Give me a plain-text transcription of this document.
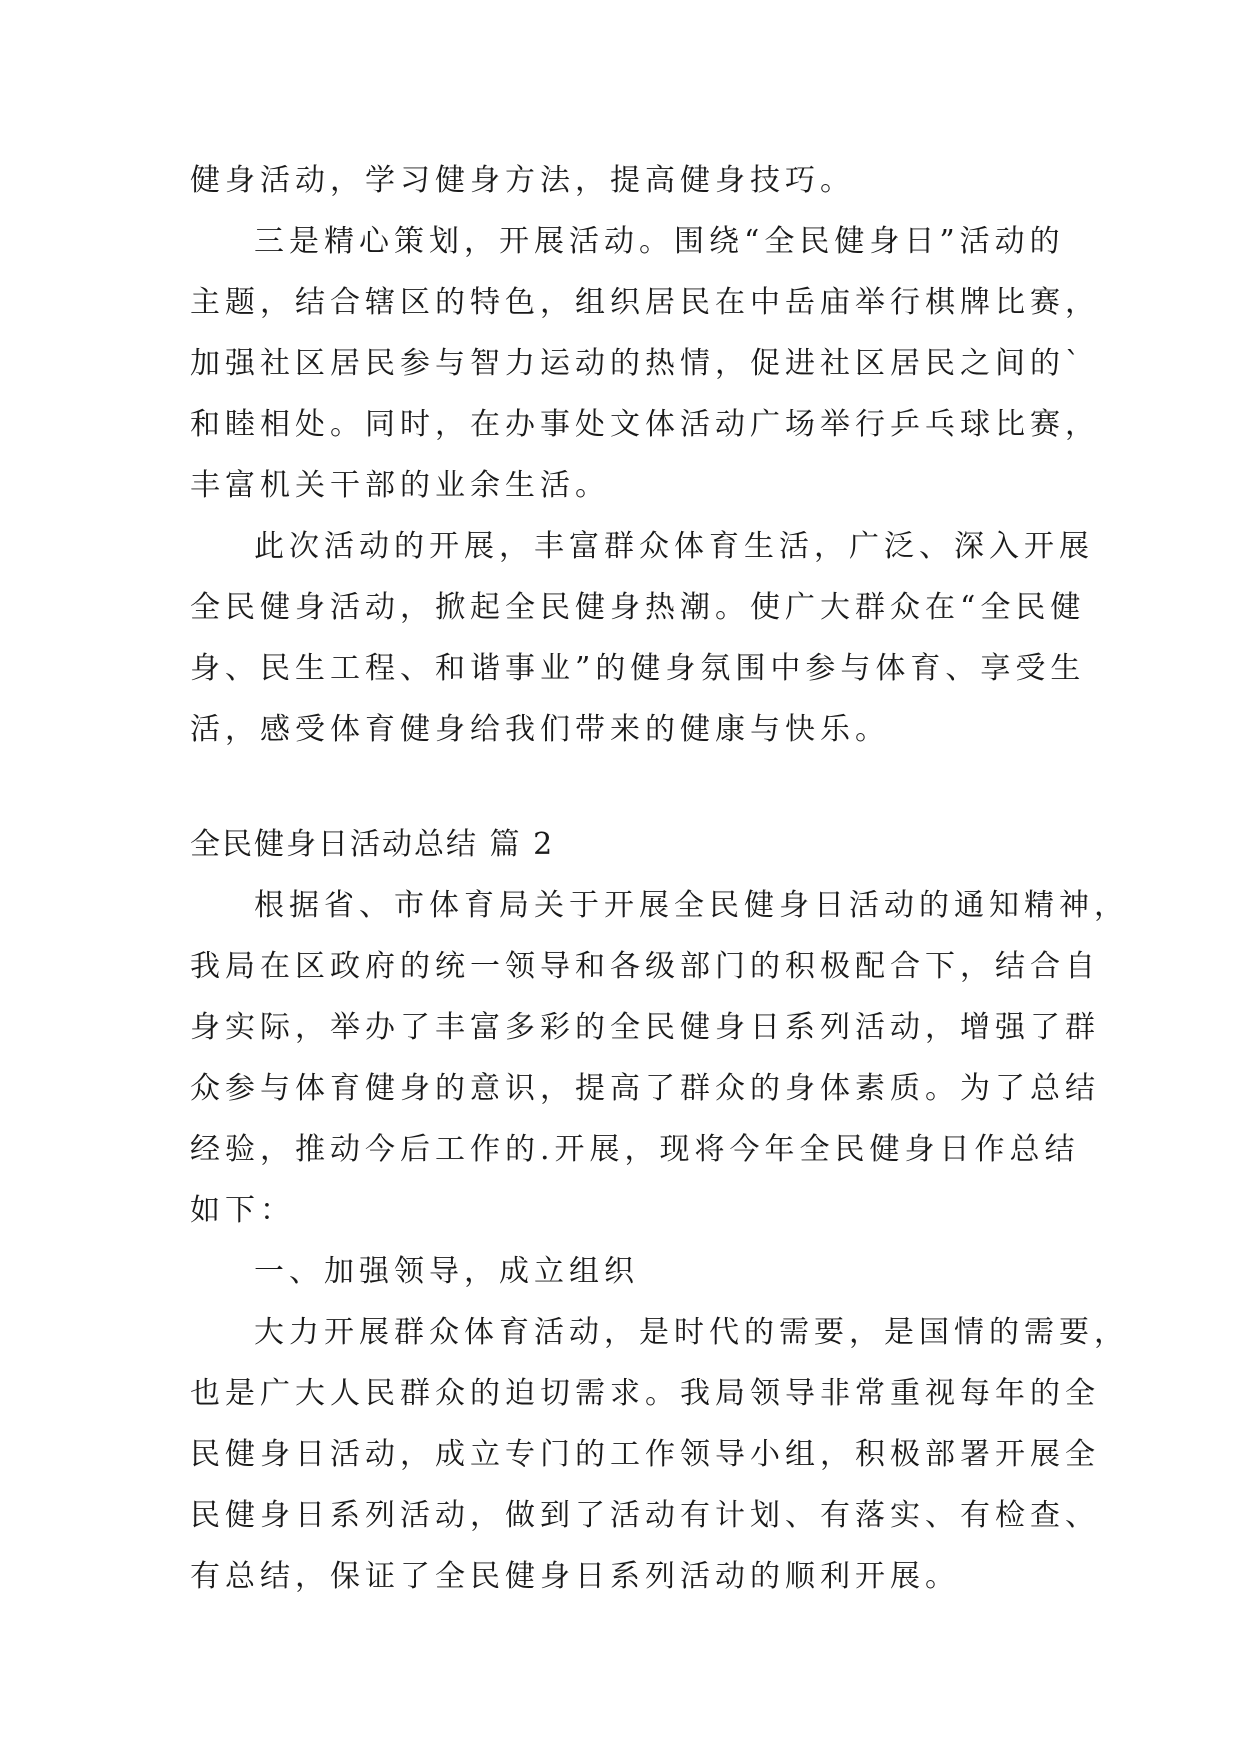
健身活动，学习健身方法，提高健身技巧。

三是精心策划，开展活动。围绕“全民健身日”活动的

主题，结合辖区的特色，组织居民在中岳庙举行棋牌比赛，

加强社区居民参与智力运动的热情，促进社区居民之间的`

和睦相处。同时，在办事处文体活动广场举行乒乓球比赛，

丰富机关干部的业余生活。

此次活动的开展，丰富群众体育生活，广泛、深入开展

全民健身活动，掀起全民健身热潮。使广大群众在“全民健

身、民生工程、和谐事业”的健身氛围中参与体育、享受生

活，感受体育健身给我们带来的健康与快乐。

全民健身日活动总结 篇 2

根据省、市体育局关于开展全民健身日活动的通知精神，

我局在区政府的统一领导和各级部门的积极配合下，结合自

身实际，举办了丰富多彩的全民健身日系列活动，增强了群

众参与体育健身的意识，提高了群众的身体素质。为了总结

经验，推动今后工作的.开展，现将今年全民健身日作总结

如下：

一、加强领导，成立组织

大力开展群众体育活动，是时代的需要，是国情的需要，

也是广大人民群众的迫切需求。我局领导非常重视每年的全

民健身日活动，成立专门的工作领导小组，积极部署开展全

民健身日系列活动，做到了活动有计划、有落实、有检查、

有总结，保证了全民健身日系列活动的顺利开展。
